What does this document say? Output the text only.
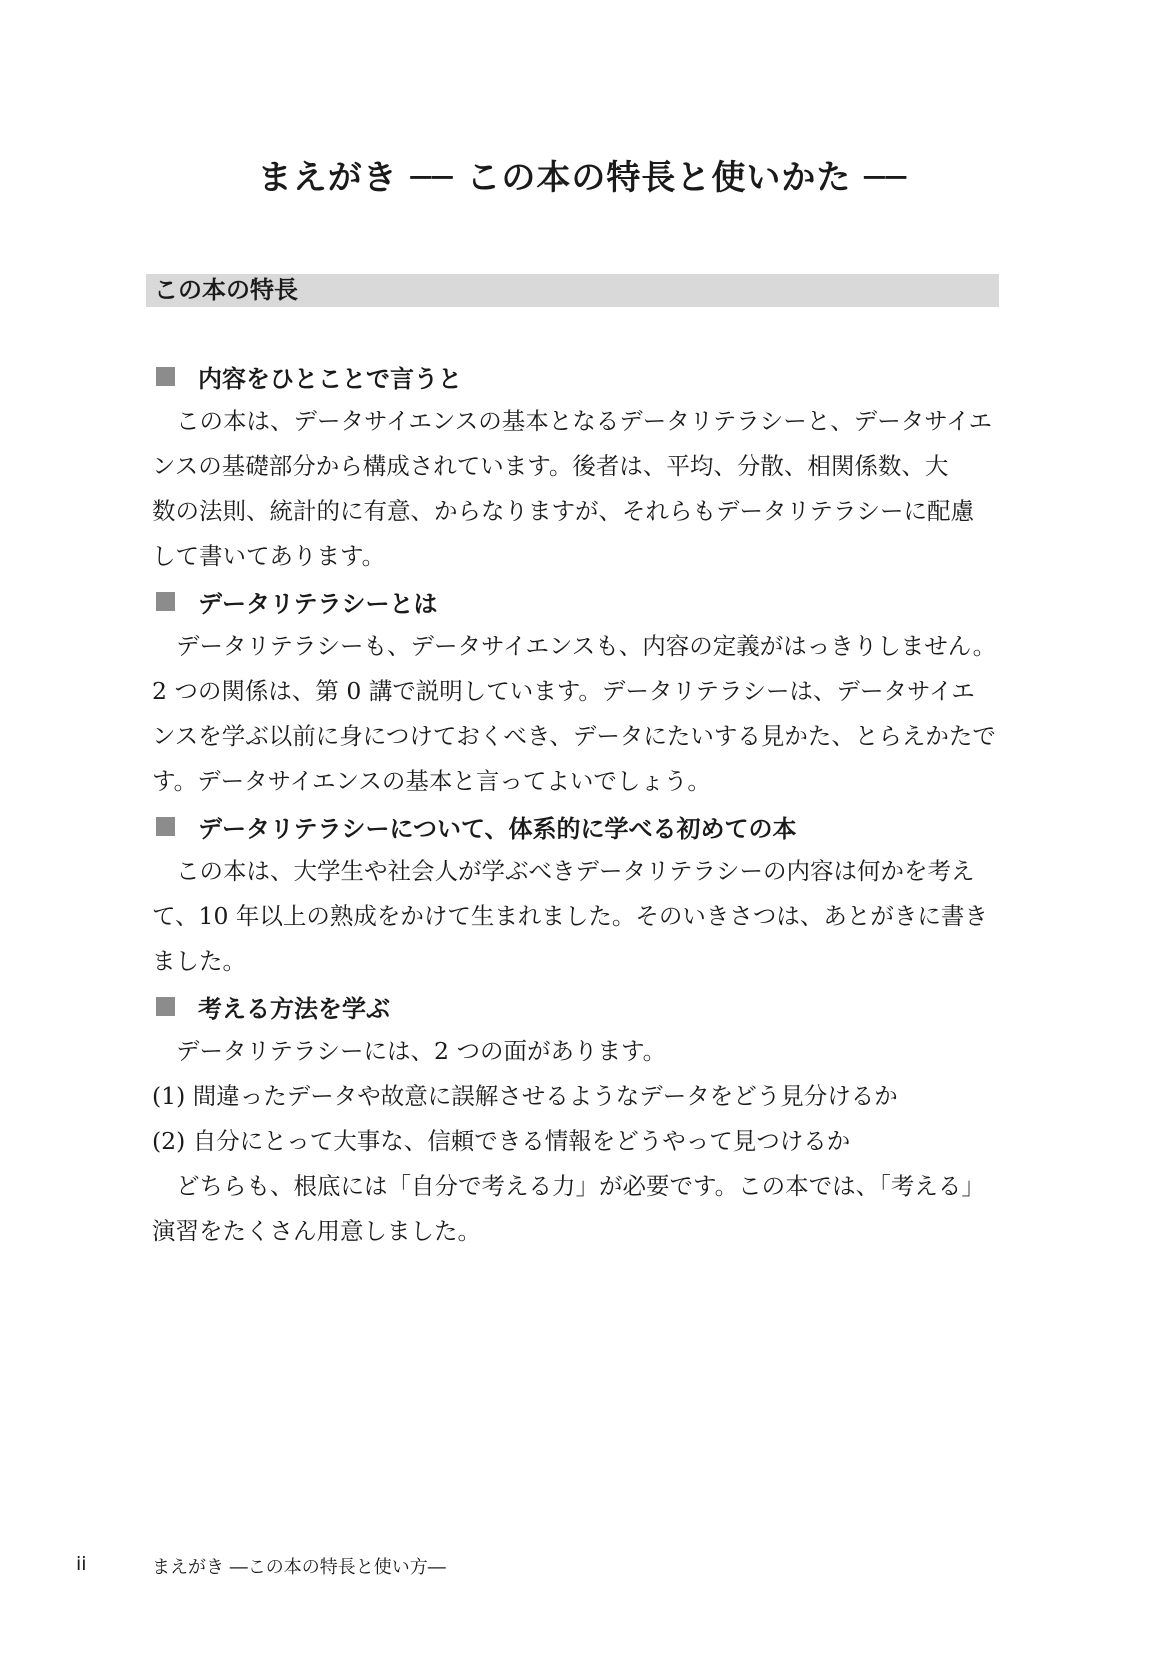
まえがき ── この本の特長と使いかた ──
この本の特長
内容をひとことで言うと
この本は、データサイエンスの基本となるデータリテラシーと、データサイエ
ンスの基礎部分から構成されています。後者は、平均、分散、相関係数、大
数の法則、統計的に有意、からなりますが、それらもデータリテラシーに配慮
して書いてあります。
データリテラシーとは
データリテラシーも、データサイエンスも、内容の定義がはっきりしません。
2 つの関係は、第 0 講で説明しています。データリテラシーは、データサイエ
ンスを学ぶ以前に身につけておくべき、データにたいする見かた、とらえかたで
す。データサイエンスの基本と言ってよいでしょう。
データリテラシーについて、体系的に学べる初めての本
この本は、大学生や社会人が学ぶべきデータリテラシーの内容は何かを考え
て、10 年以上の熟成をかけて生まれました。そのいきさつは、あとがきに書き
ました。
考える方法を学ぶ
データリテラシーには、2 つの面があります。
(1) 間違ったデータや故意に誤解させるようなデータをどう見分けるか
(2) 自分にとって大事な、信頼できる情報をどうやって見つけるか
どちらも、根底には「自分で考える力」が必要です。この本では、「考える」
演習をたくさん用意しました。
ii	まえがき ―この本の特長と使い方―
